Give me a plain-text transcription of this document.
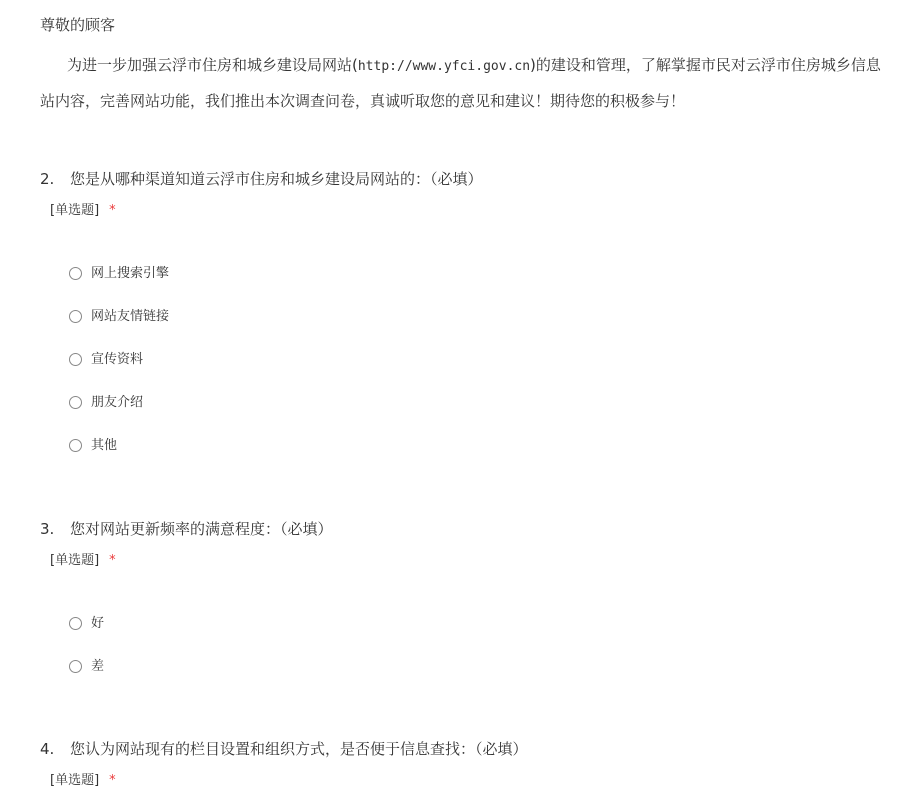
尊敬的顾客
为进一步加强云浮市住房和城乡建设局网站(http://www.yfci.gov.cn)的建设和管理，了解掌握市民对云浮市住房城乡信息
站内容，完善网站功能，我们推出本次调查问卷，真诚听取您的意见和建议！期待您的积极参与！
2. 您是从哪种渠道知道云浮市住房和城乡建设局网站的：（必填）
[单选题] *
网上搜索引擎
网站友情链接
宣传资料
朋友介绍
其他
3. 您对网站更新频率的满意程度：（必填）
[单选题] *
好
差
4. 您认为网站现有的栏目设置和组织方式，是否便于信息查找：（必填）
[单选题] *
